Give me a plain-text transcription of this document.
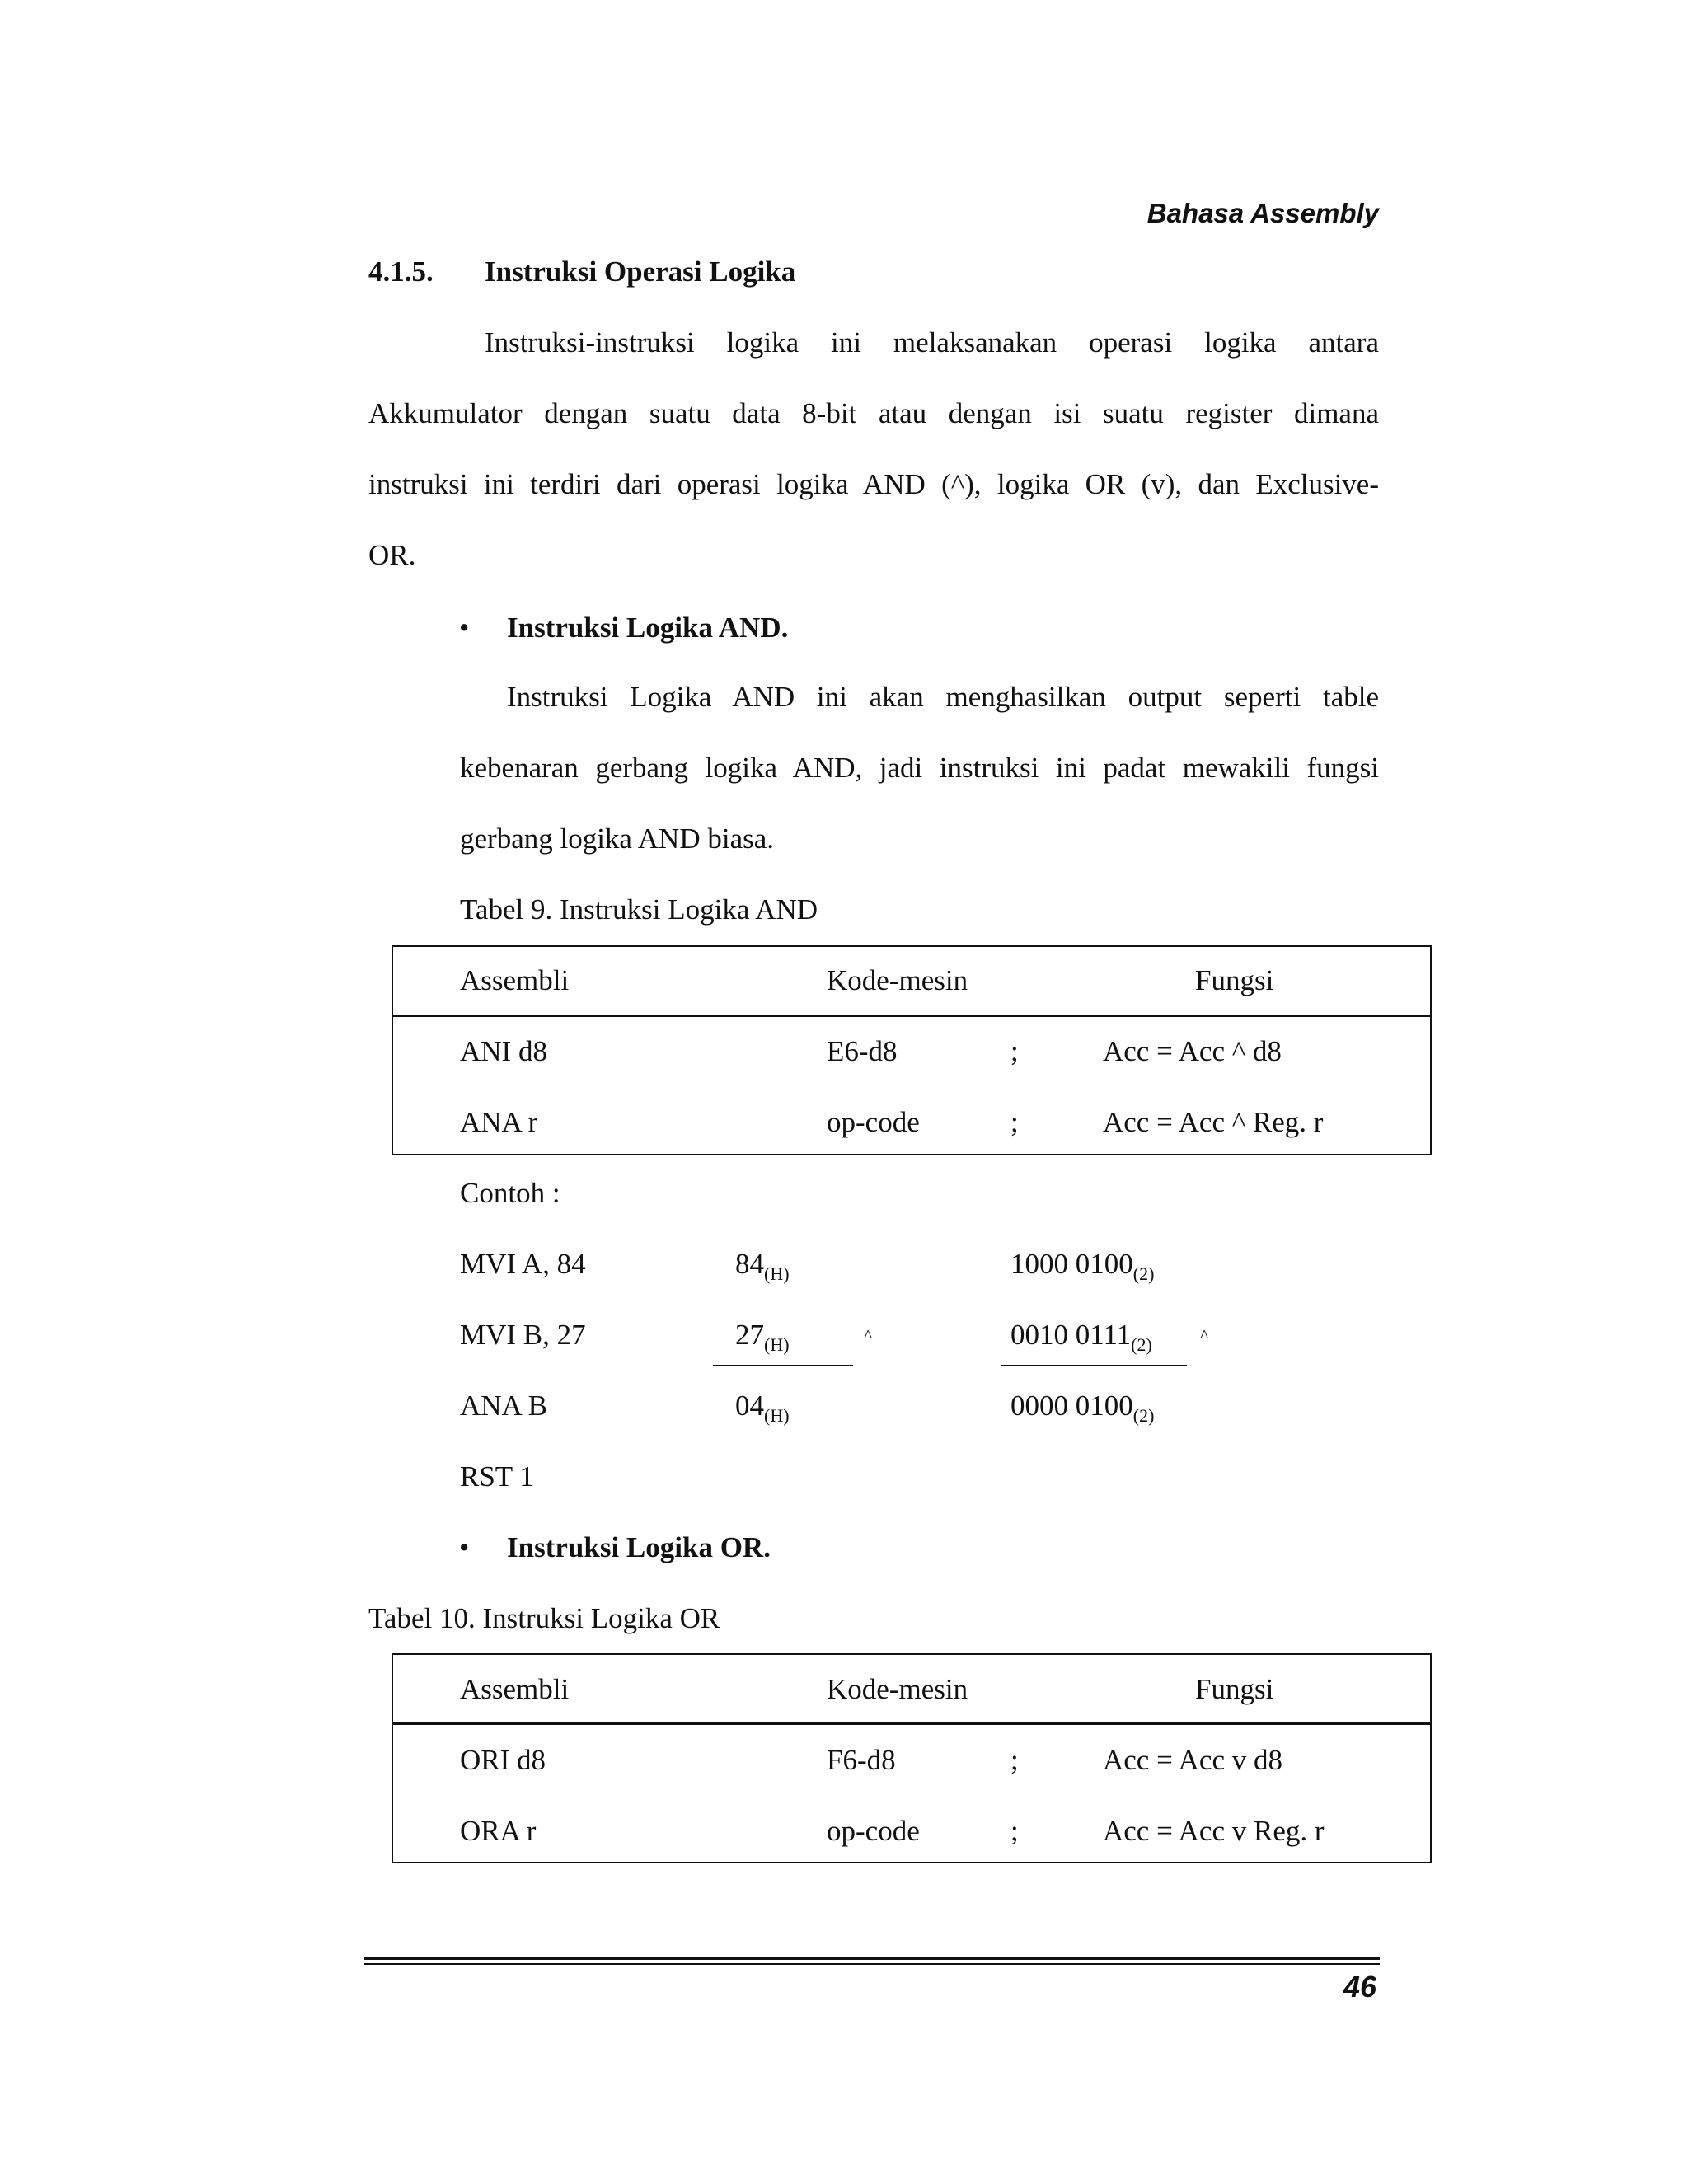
Bahasa Assembly
4.1.5. Instruksi Operasi Logika
Instruksi-instruksi logika ini melaksanakan operasi logika antara
Akkumulator dengan suatu data 8-bit atau dengan isi suatu register dimana
instruksi ini terdiri dari operasi logika AND (^), logika OR (v), dan Exclusive-
OR.
• Instruksi Logika AND.
Instruksi Logika AND ini akan menghasilkan output seperti table
kebenaran gerbang logika AND, jadi instruksi ini padat mewakili fungsi
gerbang logika AND biasa.
Tabel 9. Instruksi Logika AND
Assembli	Kode-mesin	Fungsi
ANI d8	E6-d8	;	Acc = Acc ^ d8
ANA r	op-code	;	Acc = Acc ^ Reg. r
Contoh :
MVI A, 84	$84_{(H)}$	1000 $0100_{(2)}$
MVI B, 27	$27_{(H)}$	^	0010 $0111_{(2)}$	^
ANA B	$04_{(H)}$	0000 $0100_{(2)}$
RST 1
• Instruksi Logika OR.
Tabel 10. Instruksi Logika OR
Assembli	Kode-mesin	Fungsi
ORI d8	F6-d8	;	Acc = Acc v d8
ORA r	op-code	;	Acc = Acc v Reg. r
46
